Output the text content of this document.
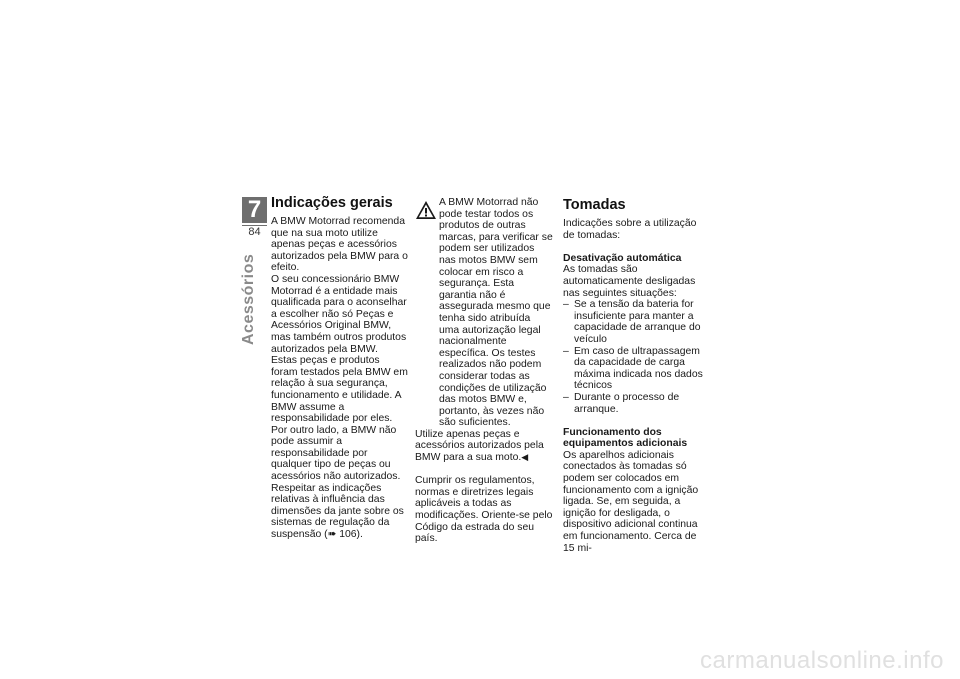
7
84
Acessórios
Indicações gerais

A BMW Motorrad recomenda que na sua moto utilize apenas peças e acessórios autorizados pela BMW para o efeito.

O seu concessionário BMW Motorrad é a entidade mais qualificada para o aconselhar a escolher não só Peças e Acessórios Original BMW, mas também outros produtos autorizados pela BMW.

Estas peças e produtos foram testados pela BMW em relação à sua segurança, funcionamento e utilidade. A BMW assume a responsabilidade por eles.

Por outro lado, a BMW não pode assumir a responsabilidade por qualquer tipo de peças ou acessórios não autorizados.

Respeitar as indicações relativas à influência das dimensões da jante sobre os sistemas de regulação da suspensão (➠ 106).

A BMW Motorrad não pode testar todos os produtos de outras marcas, para verificar se podem ser utilizados nas motos BMW sem colocar em risco a segurança. Esta garantia não é assegurada mesmo que tenha sido atribuída uma autorização legal nacionalmente específica. Os testes realizados não podem considerar todas as condições de utilização das motos BMW e, portanto, às vezes não são suficientes.

Utilize apenas peças e acessórios autorizados pela BMW para a sua moto.◀

Cumprir os regulamentos, normas e diretrizes legais aplicáveis a todas as modificações. Oriente-se pelo Código da estrada do seu país.

Tomadas

Indicações sobre a utilização de tomadas:

Desativação automática

As tomadas são automaticamente desligadas nas seguintes situações:

– Se a tensão da bateria for insuficiente para manter a capacidade de arranque do veículo
– Em caso de ultrapassagem da capacidade de carga máxima indicada nos dados técnicos
– Durante o processo de arranque.
Funcionamento dos equipamentos adicionais

Os aparelhos adicionais conectados às tomadas só podem ser colocados em funcionamento com a ignição ligada. Se, em seguida, a ignição for desligada, o dispositivo adicional continua em funcionamento. Cerca de 15 mi-

carmanualsonline.info
